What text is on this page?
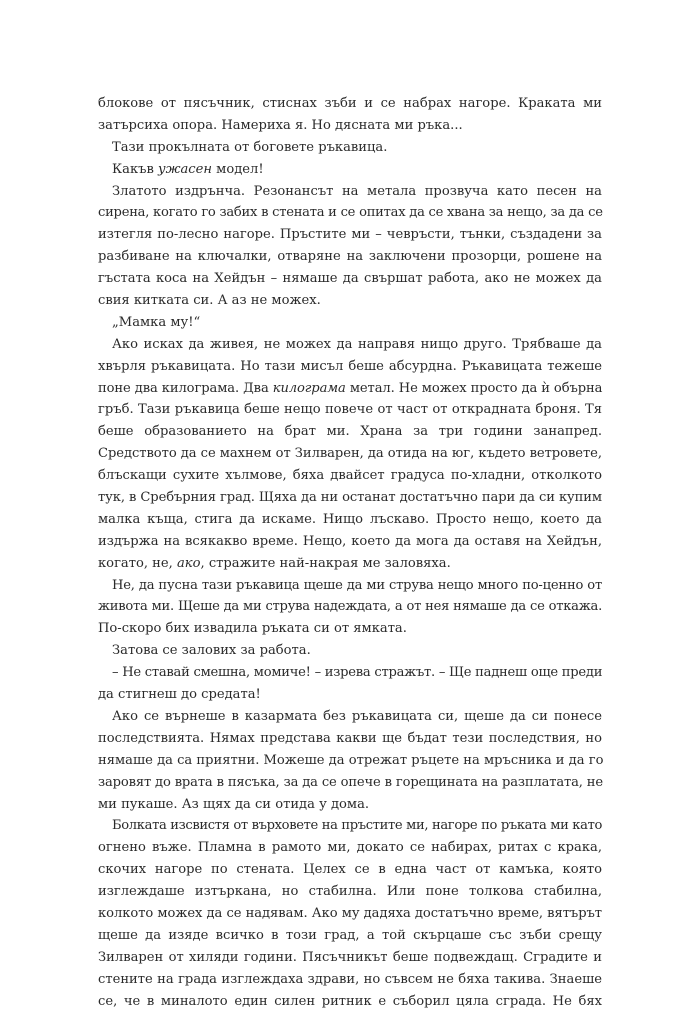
блокове от пясъчник, стиснах зъби и се набрах нагоре. Краката ми
затърсиха опора. Намериха я. Но дясната ми ръка...
Тази прокълната от боговете ръкавица.
Какъв ужасен модел!
Златото издрънча. Резонансът на метала прозвуча като песен на
сирена, когато го забих в стената и се опитах да се хвана за нещо, за да се
изтегля по-лесно нагоре. Пръстите ми – чевръсти, тънки, създадени за
разбиване на ключалки, отваряне на заключени прозорци, рошене на
гъстата коса на Хейдън – нямаше да свършат работа, ако не можех да
свия китката си. А аз не можех.
„Мамка му!“
Ако исках да живея, не можех да направя нищо друго. Трябваше да
хвърля ръкавицата. Но тази мисъл беше абсурдна. Ръкавицата тежеше
поне два килограма. Два килограма метал. Не можех просто да ѝ обърна
гръб. Тази ръкавица беше нещо повече от част от откраднатa броня. Тя
беше образованието на брат ми. Храна за три години занапред.
Средството да се махнем от Зилварен, да отида на юг, където ветровете,
блъскащи сухите хълмове, бяха двайсет градуса по-хладни, отколкото
тук, в Сребърния град. Щяха да ни останат достатъчно пари да си купим
малка къща, стига да искаме. Нищо лъскаво. Просто нещо, което да
издържа на всякакво време. Нещо, което да мога да оставя на Хейдън,
когато, не, ако, стражите най-накрая ме заловяха.
Не, да пусна тази ръкавица щеше да ми струва нещо много по-ценно от
живота ми. Щеше да ми струва надеждата, а от нея нямаше да се откажа.
По-скоро бих извадила ръката си от ямката.
Затова се залових за работа.
– Не ставай смешна, момиче! – изрева стражът. – Ще паднеш още преди
да стигнеш до средата!
Ако се върнеше в казармата без ръкавицата си, щеше да си понесе
последствията. Нямах представа какви ще бъдат тези последствия, но
нямаше да са приятни. Можеше да отрежат ръцете на мръсника и да го
заровят до врата в пясъка, за да се опече в горещината на разплатата, не
ми пукаше. Аз щях да си отида у дома.
Болката изсвистя от върховете на пръстите ми, нагоре по ръката ми като
огнено въже. Пламна в рамото ми, докато се набирах, ритах с крака,
скочих нагоре по стената. Целех се в една част от камъка, която
изглеждаше изтъркана, но стабилна. Или поне толкова стабилна,
колкото можех да се надявам. Ако му дадяха достатъчно време, вятърът
щеше да изяде всичко в този град, а той скърцаше със зъби срещу
Зилварен от хиляди години. Пясъчникът беше подвеждащ. Сградите и
стените на града изглеждаха здрави, но съвсем не бяха такива. Знаеше
се, че в миналото един силен ритник е съборил цяла сграда. Не бях
